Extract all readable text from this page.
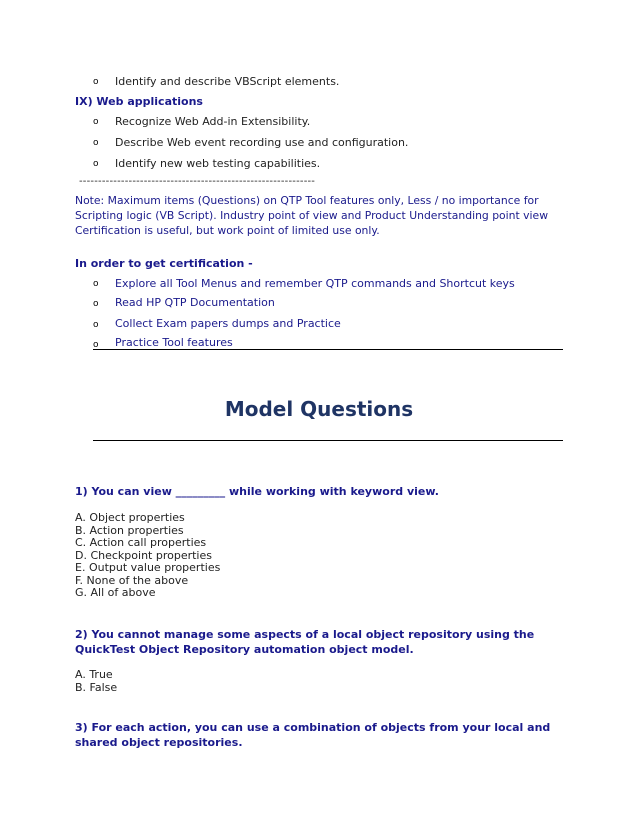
o Identify and describe VBScript elements.
IX) Web applications
o Recognize Web Add-in Extensibility.
o Describe Web event recording use and configuration.
o Identify new web testing capabilities.
--------------------------------------------------------------
Note: Maximum items (Questions) on QTP Tool features only, Less / no importance for
Scripting logic (VB Script). Industry point of view and Product Understanding point view
Certification is useful, but work point of limited use only.
In order to get certification -
o Explore all Tool Menus and remember QTP commands and Shortcut keys
o Read HP QTP Documentation
o Collect Exam papers dumps and Practice
o Practice Tool features
Model Questions
1) You can view _________ while working with keyword view.
A. Object properties
B. Action properties
C. Action call properties
D. Checkpoint properties
E. Output value properties
F. None of the above
G. All of above
2) You cannot manage some aspects of a local object repository using the
QuickTest Object Repository automation object model.
A. True
B. False
3) For each action, you can use a combination of objects from your local and
shared object repositories.
